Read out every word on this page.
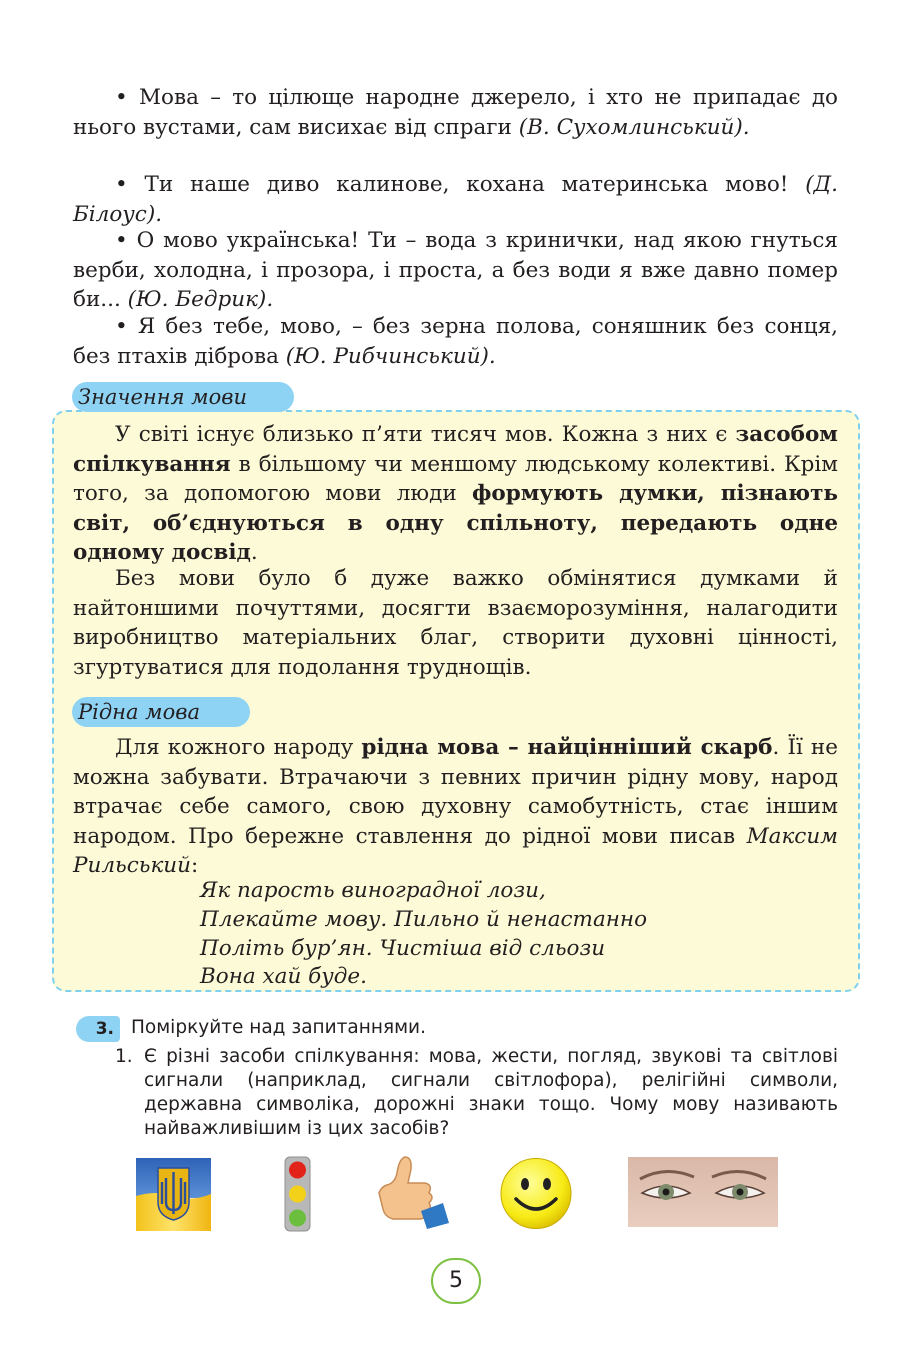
• Мова – то цілюще народне джерело, і хто не припадає до нього вустами, сам висихає від спраги (В. Сухомлинський).

• Ти наше диво калинове, кохана материнська мово! (Д. Білоус).

• О мово українська! Ти – вода з кринички, над якою гнуться верби, холодна, і прозора, і проста, а без води я вже давно помер би... (Ю. Бедрик).

• Я без тебе, мово, – без зерна полова, соняшник без сонця, без птахів діброва (Ю. Рибчинський).

Значення мови

У світі існує близько п’яти тисяч мов. Кожна з них є засобом спілкування в більшому чи меншому людському колективі. Крім того, за допомогою мови люди формують думки, пізнають світ, об’єднуються в одну спільноту, передають одне одному досвід.

Без мови було б дуже важко обмінятися думками й найтоншими почуттями, досягти взаєморозуміння, налагодити виробництво матеріальних благ, створити духовні цінності, згуртуватися для подолання труднощів.

Рідна мова

Для кожного народу рідна мова – найцінніший скарб. Її не можна забувати. Втрачаючи з певних причин рідну мову, народ втрачає себе самого, свою духовну самобутність, стає іншим народом. Про бережне ставлення до рідної мови писав Максим Рильський:

Як парость виноградної лози,

Плекайте мову. Пильно й ненастанно

Політь бур’ян. Чистіша від сльози

Вона хай буде.

3. Поміркуйте над запитаннями.
1. Є різні засоби спілкування: мова, жести, погляд, звукові та світлові сигнали (наприклад, сигнали світлофора), релігійні символи, державна символіка, дорожні знаки тощо. Чому мову називають найважливішим із цих засобів?

5
